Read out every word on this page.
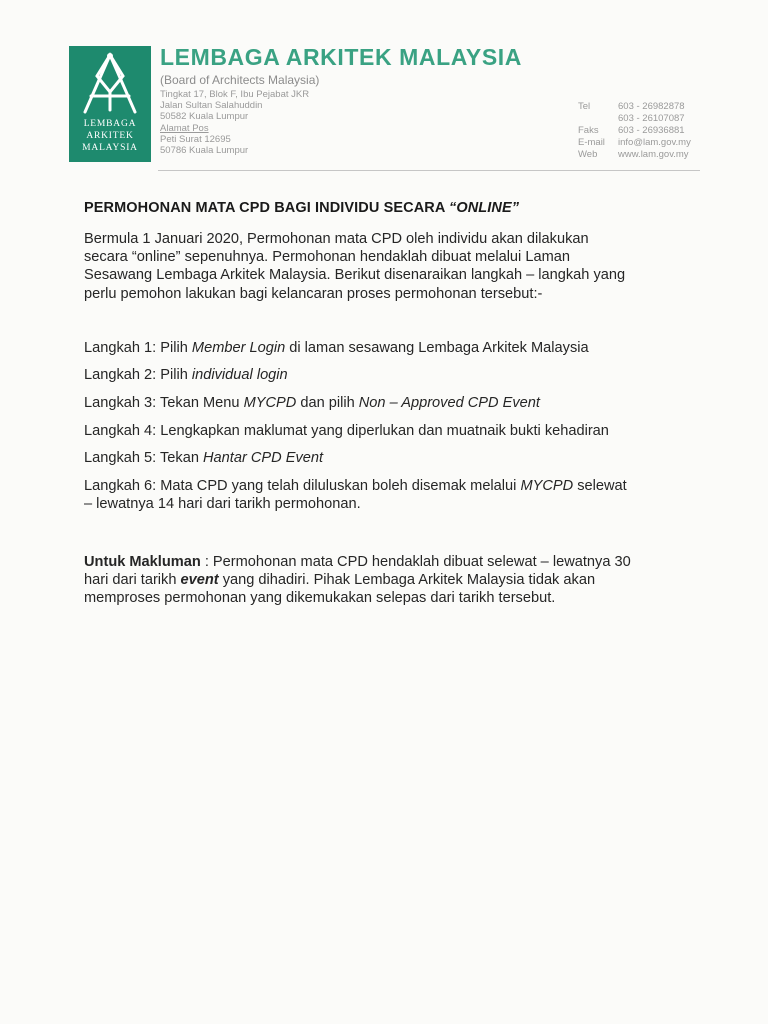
LEMBAGA
ARKITEK
MALAYSIA
LEMBAGA ARKITEK MALAYSIA
(Board of Architects Malaysia)
Tingkat 17, Blok F, Ibu Pejabat JKR
Jalan Sultan Salahuddin
50582 Kuala Lumpur
Alamat Pos
Peti Surat 12695
50786 Kuala Lumpur
Tel	603 - 26982878
603 - 26107087
Faks	603 - 26936881
E-mail	info@lam.gov.my
Web	www.lam.gov.my
PERMOHONAN MATA CPD BAGI INDIVIDU SECARA “ONLINE”
Bermula 1 Januari 2020, Permohonan mata CPD oleh individu akan dilakukan
secara “online” sepenuhnya. Permohonan hendaklah dibuat melalui Laman
Sesawang Lembaga Arkitek Malaysia. Berikut disenaraikan langkah – langkah yang
perlu pemohon lakukan bagi kelancaran proses permohonan tersebut:-
Langkah 1: Pilih Member Login di laman sesawang Lembaga Arkitek Malaysia
Langkah 2: Pilih individual login
Langkah 3: Tekan Menu MYCPD dan pilih Non – Approved CPD Event
Langkah 4: Lengkapkan maklumat yang diperlukan dan muatnaik bukti kehadiran
Langkah 5: Tekan Hantar CPD Event
Langkah 6: Mata CPD yang telah diluluskan boleh disemak melalui MYCPD selewat
– lewatnya 14 hari dari tarikh permohonan.
Untuk Makluman : Permohonan mata CPD hendaklah dibuat selewat – lewatnya 30
hari dari tarikh event yang dihadiri. Pihak Lembaga Arkitek Malaysia tidak akan
memproses permohonan yang dikemukakan selepas dari tarikh tersebut.
